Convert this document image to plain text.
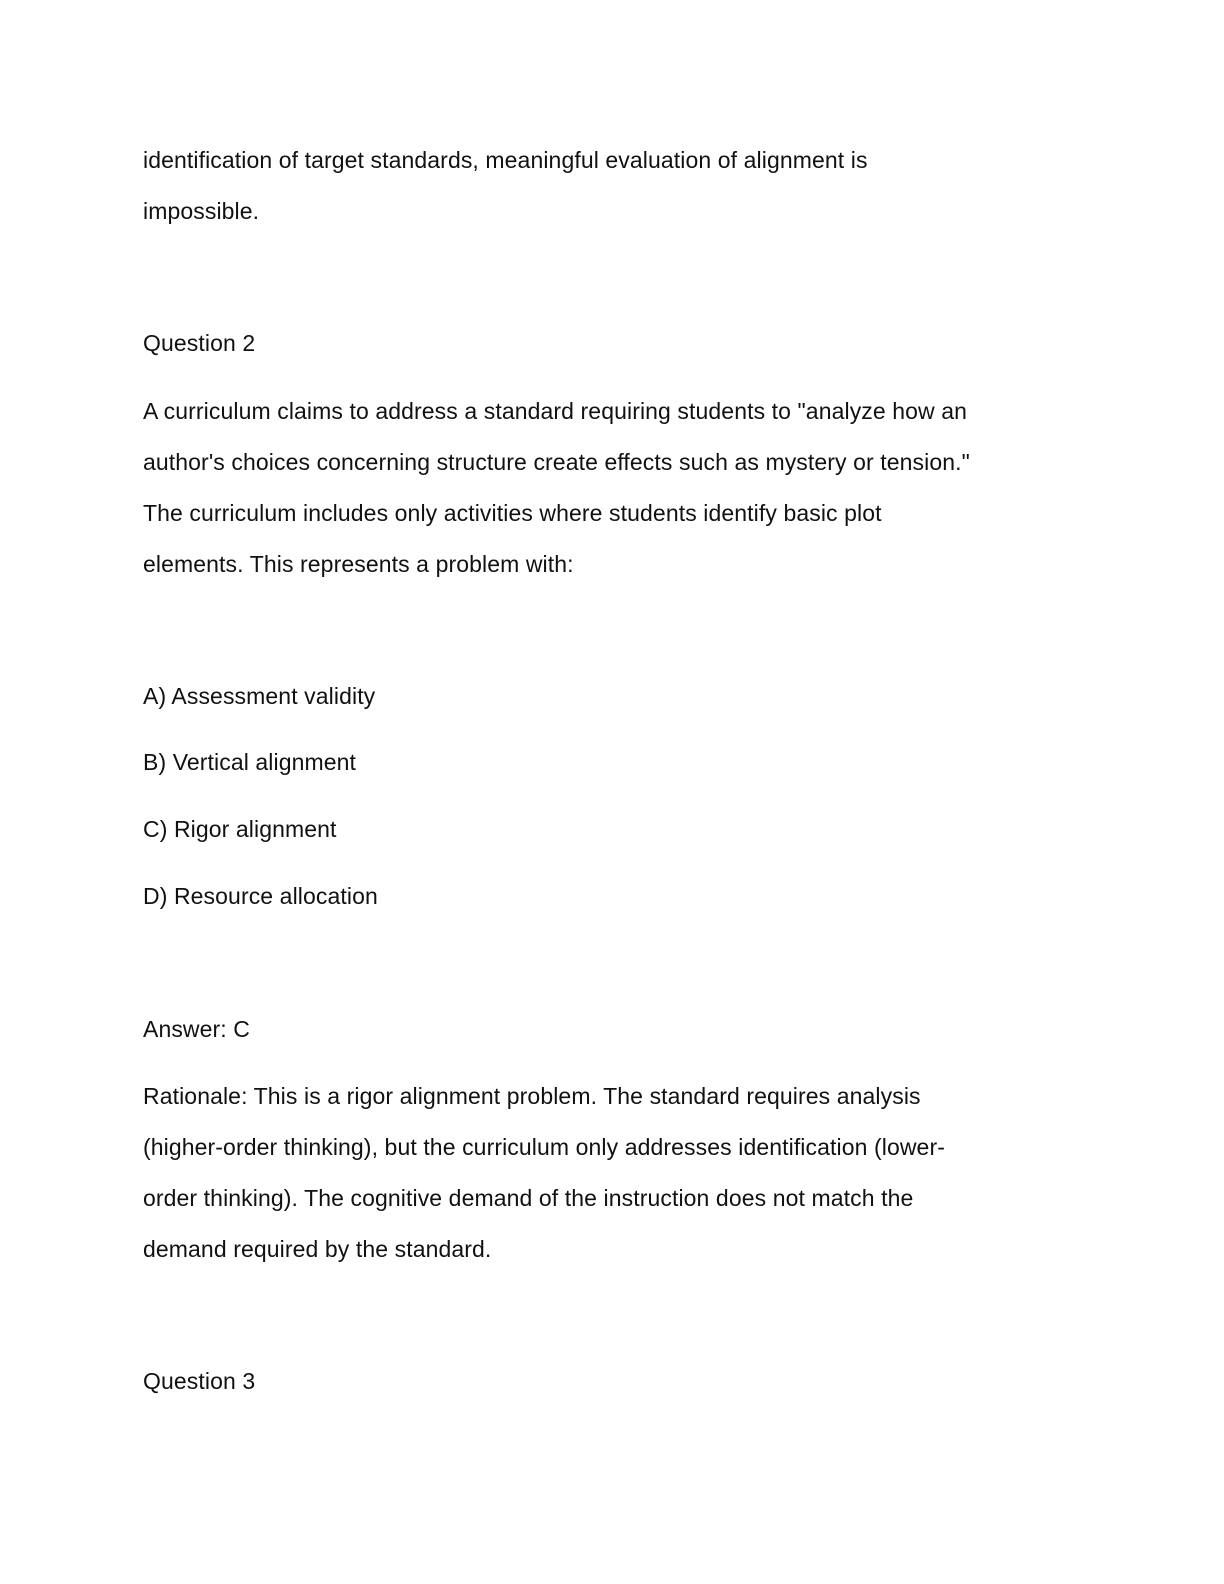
identification of target standards, meaningful evaluation of alignment is
impossible.
Question 2
A curriculum claims to address a standard requiring students to "analyze how an
author's choices concerning structure create effects such as mystery or tension."
The curriculum includes only activities where students identify basic plot
elements. This represents a problem with:
A) Assessment validity
B) Vertical alignment
C) Rigor alignment
D) Resource allocation
Answer: C
Rationale: This is a rigor alignment problem. The standard requires analysis
(higher-order thinking), but the curriculum only addresses identification (lower-
order thinking). The cognitive demand of the instruction does not match the
demand required by the standard.
Question 3
